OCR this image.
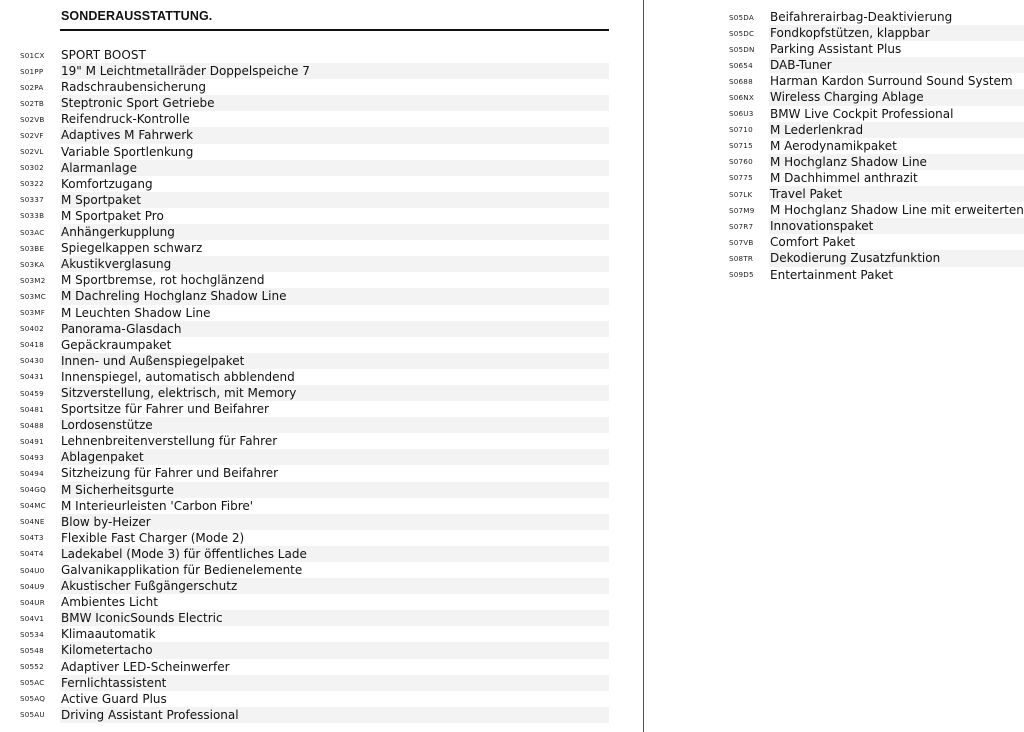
SONDERAUSSTATTUNG.
S01CX	SPORT BOOST
S01PP	19" M Leichtmetallräder Doppelspeiche 7
S02PA	Radschraubensicherung
S02TB	Steptronic Sport Getriebe
S02VB	Reifendruck-Kontrolle
S02VF	Adaptives M Fahrwerk
S02VL	Variable Sportlenkung
S0302	Alarmanlage
S0322	Komfortzugang
S0337	M Sportpaket
S033B	M Sportpaket Pro
S03AC	Anhängerkupplung
S03BE	Spiegelkappen schwarz
S03KA	Akustikverglasung
S03M2	M Sportbremse, rot hochglänzend
S03MC	M Dachreling Hochglanz Shadow Line
S03MF	M Leuchten Shadow Line
S0402	Panorama-Glasdach
S0418	Gepäckraumpaket
S0430	Innen- und Außenspiegelpaket
S0431	Innenspiegel, automatisch abblendend
S0459	Sitzverstellung, elektrisch, mit Memory
S0481	Sportsitze für Fahrer und Beifahrer
S0488	Lordosenstütze
S0491	Lehnenbreitenverstellung für Fahrer
S0493	Ablagenpaket
S0494	Sitzheizung für Fahrer und Beifahrer
S04GQ	M Sicherheitsgurte
S04MC	M Interieurleisten 'Carbon Fibre'
S04NE	Blow by-Heizer
S04T3	Flexible Fast Charger (Mode 2)
S04T4	Ladekabel (Mode 3) für öffentliches Lade
S04U0	Galvanikapplikation für Bedienelemente
S04U9	Akustischer Fußgängerschutz
S04UR	Ambientes Licht
S04V1	BMW IconicSounds Electric
S0534	Klimaautomatik
S0548	Kilometertacho
S0552	Adaptiver LED-Scheinwerfer
S05AC	Fernlichtassistent
S05AQ	Active Guard Plus
S05AU	Driving Assistant Professional
S05DA	Beifahrerairbag-Deaktivierung
S05DC	Fondkopfstützen, klappbar
S05DN	Parking Assistant Plus
S0654	DAB-Tuner
S0688	Harman Kardon Surround Sound System
S06NX	Wireless Charging Ablage
S06U3	BMW Live Cockpit Professional
S0710	M Lederlenkrad
S0715	M Aerodynamikpaket
S0760	M Hochglanz Shadow Line
S0775	M Dachhimmel anthrazit
S07LK	Travel Paket
S07M9	M Hochglanz Shadow Line mit erweiterten
S07R7	Innovationspaket
S07VB	Comfort Paket
S08TR	Dekodierung Zusatzfunktion
S09D5	Entertainment Paket
